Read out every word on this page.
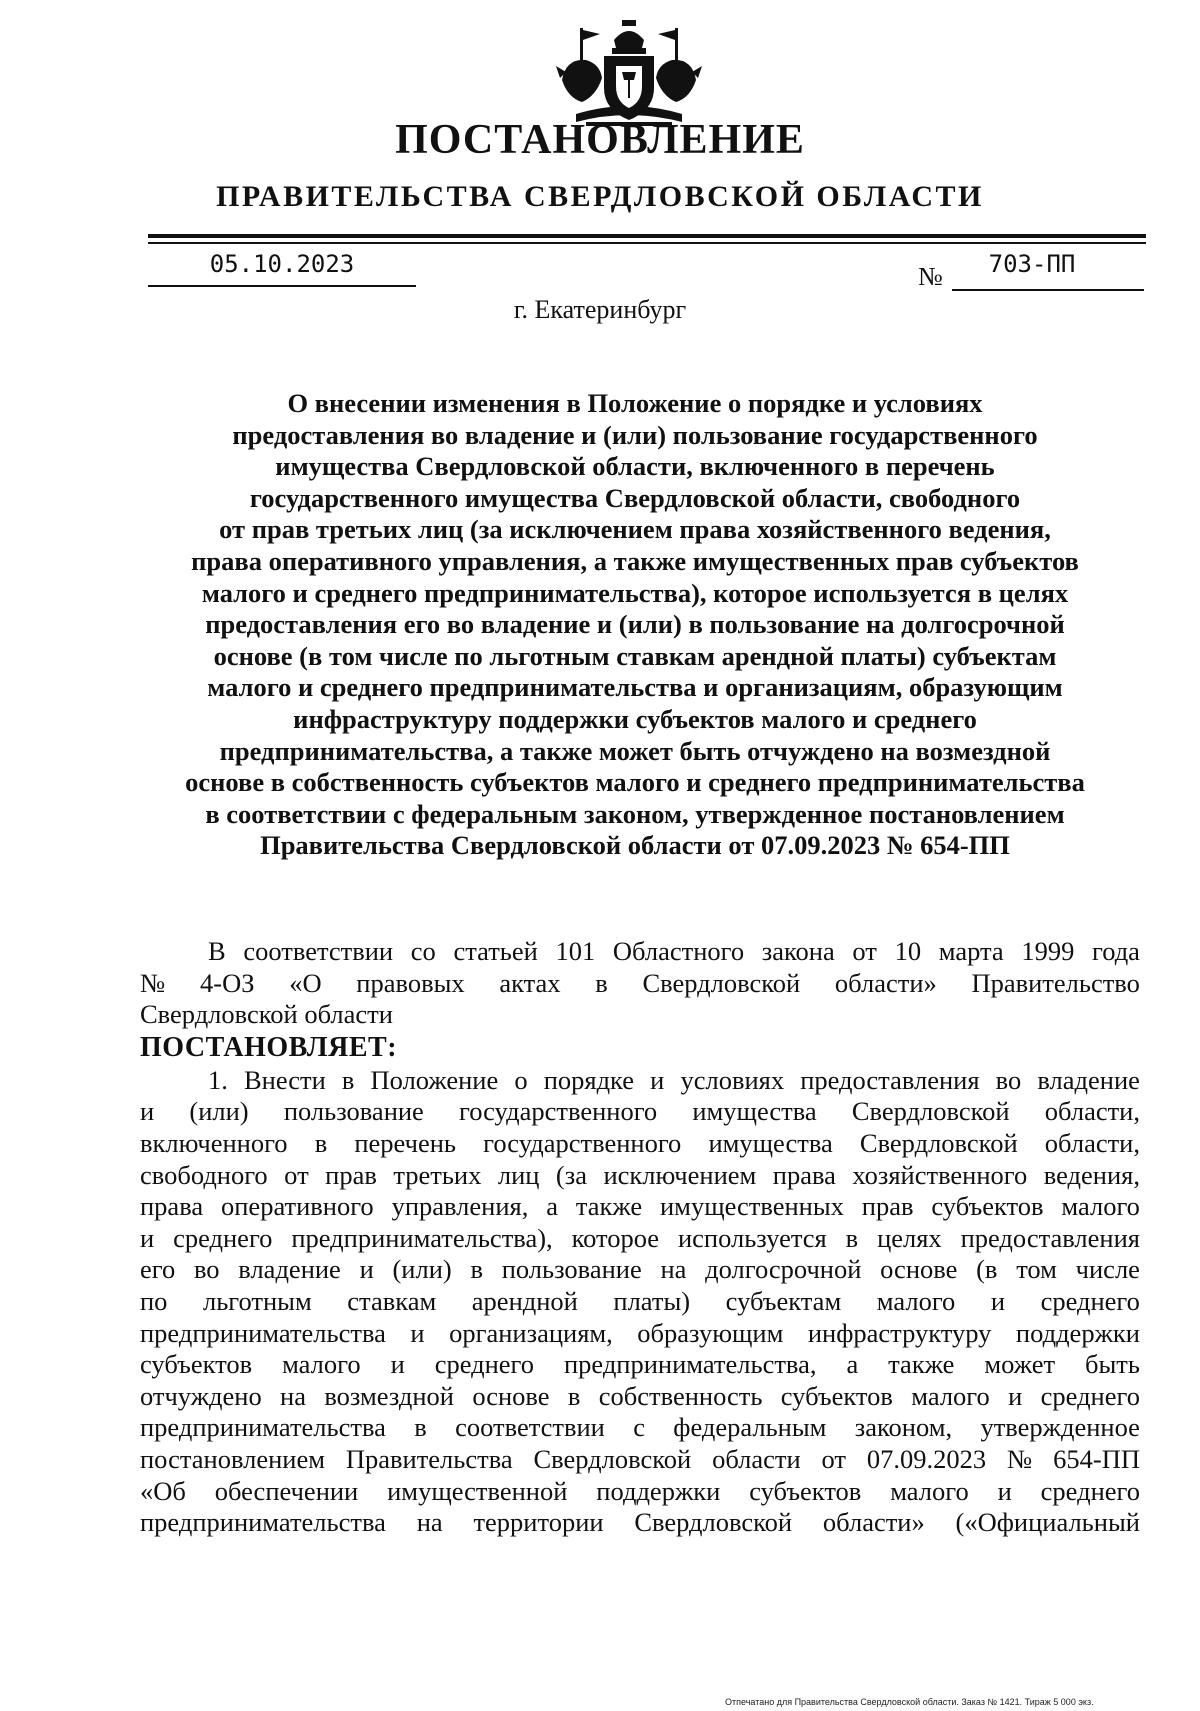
ПОСТАНОВЛЕНИЕ
ПРАВИТЕЛЬСТВА СВЕРДЛОВСКОЙ ОБЛАСТИ
05.10.2023	№	703-ПП
г. Екатеринбург
О внесении изменения в Положение о порядке и условиях
предоставления во владение и (или) пользование государственного
имущества Свердловской области, включенного в перечень
государственного имущества Свердловской области, свободного
от прав третьих лиц (за исключением права хозяйственного ведения,
права оперативного управления, а также имущественных прав субъектов
малого и среднего предпринимательства), которое используется в целях
предоставления его во владение и (или) в пользование на долгосрочной
основе (в том числе по льготным ставкам арендной платы) субъектам
малого и среднего предпринимательства и организациям, образующим
инфраструктуру поддержки субъектов малого и среднего
предпринимательства, а также может быть отчуждено на возмездной
основе в собственность субъектов малого и среднего предпринимательства
в соответствии с федеральным законом, утвержденное постановлением
Правительства Свердловской области от 07.09.2023 № 654-ПП
В соответствии со статьей 101 Областного закона от 10 марта 1999 года
№ 4-ОЗ «О правовых актах в Свердловской области» Правительство
Свердловской области
ПОСТАНОВЛЯЕТ:
1. Внести в Положение о порядке и условиях предоставления во владение
и (или) пользование государственного имущества Свердловской области,
включенного в перечень государственного имущества Свердловской области,
свободного от прав третьих лиц (за исключением права хозяйственного ведения,
права оперативного управления, а также имущественных прав субъектов малого
и среднего предпринимательства), которое используется в целях предоставления
его во владение и (или) в пользование на долгосрочной основе (в том числе
по льготным ставкам арендной платы) субъектам малого и среднего
предпринимательства и организациям, образующим инфраструктуру поддержки
субъектов малого и среднего предпринимательства, а также может быть
отчуждено на возмездной основе в собственность субъектов малого и среднего
предпринимательства в соответствии с федеральным законом, утвержденное
постановлением Правительства Свердловской области от 07.09.2023 № 654-ПП
«Об обеспечении имущественной поддержки субъектов малого и среднего
предпринимательства на территории Свердловской области» («Официальный
Отпечатано для Правительства Свердловской области. Заказ № 1421. Тираж 5 000 экз.
